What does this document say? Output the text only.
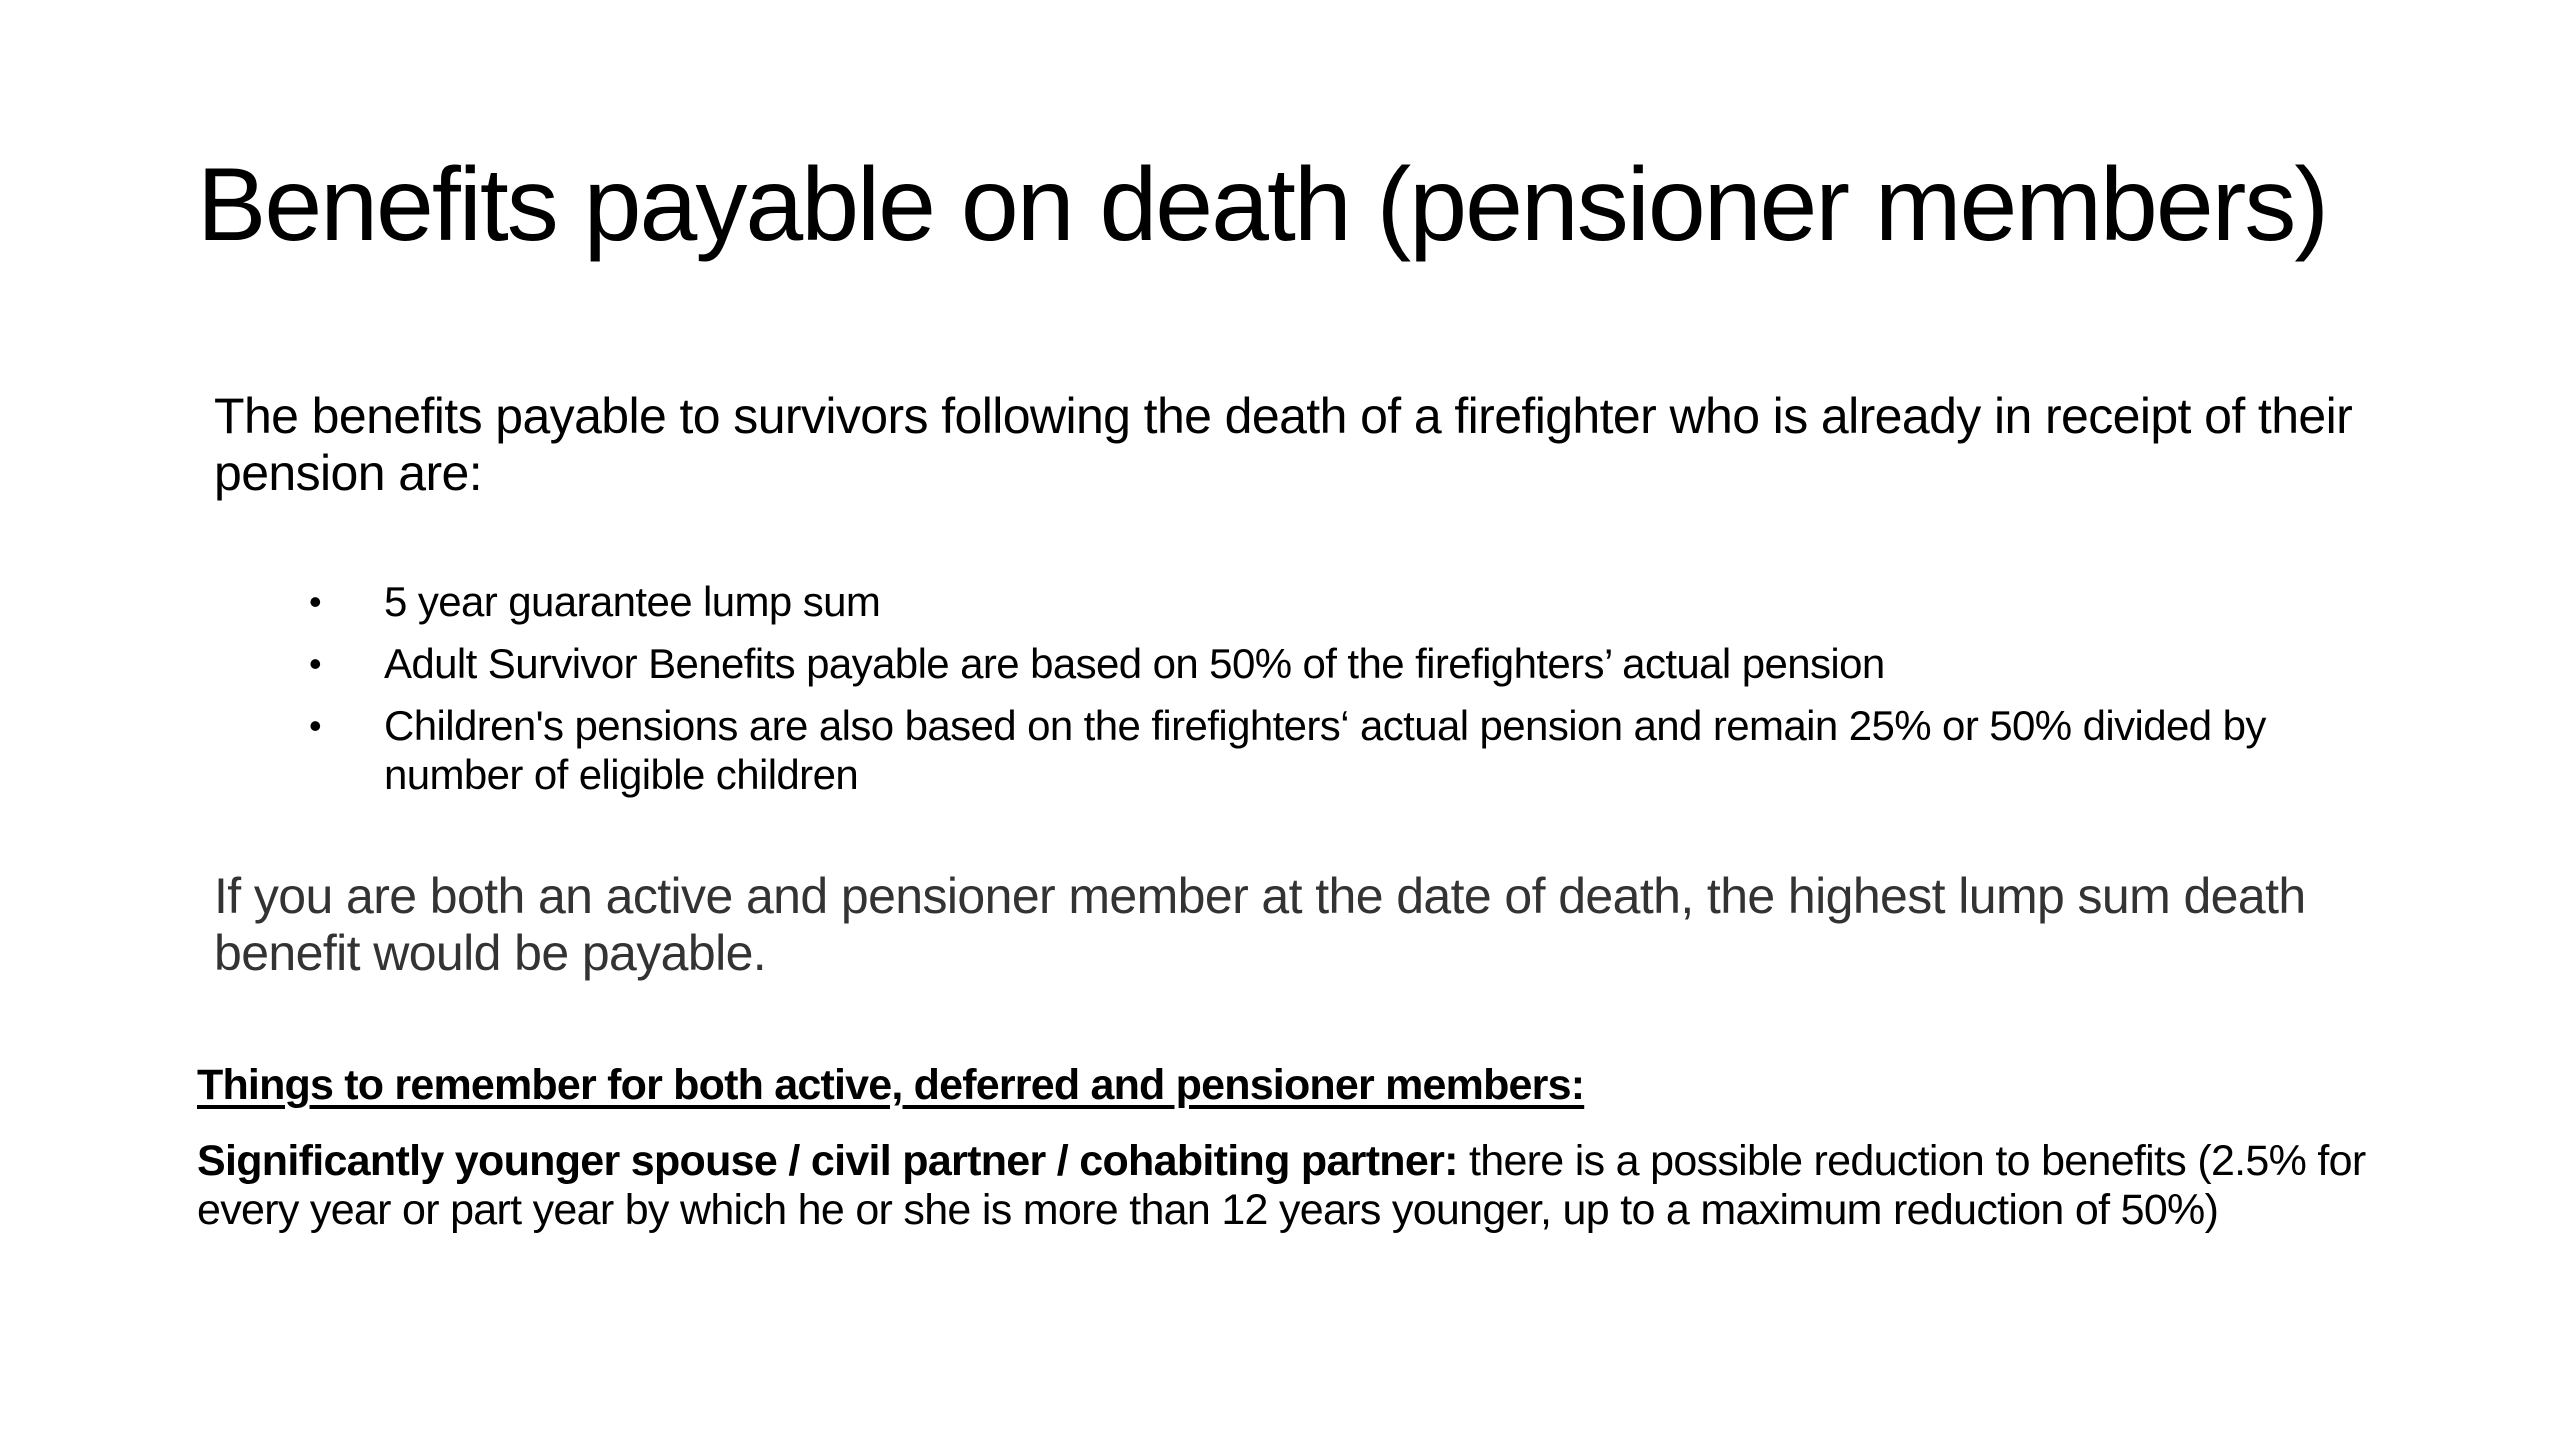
Benefits payable on death (pensioner members)

The benefits payable to survivors following the death of a firefighter who is already in receipt of their pension are:

• 5 year guarantee lump sum
• Adult Survivor Benefits payable are based on 50% of the firefighters’ actual pension
• Children's pensions are also based on the firefighters‘ actual pension and remain 25% or 50% divided by number of eligible children

If you are both an active and pensioner member at the date of death, the highest lump sum death benefit would be payable.

Things to remember for both active, deferred and pensioner members:

Significantly younger spouse / civil partner / cohabiting partner: there is a possible reduction to benefits (2.5% for every year or part year by which he or she is more than 12 years younger, up to a maximum reduction of 50%)
